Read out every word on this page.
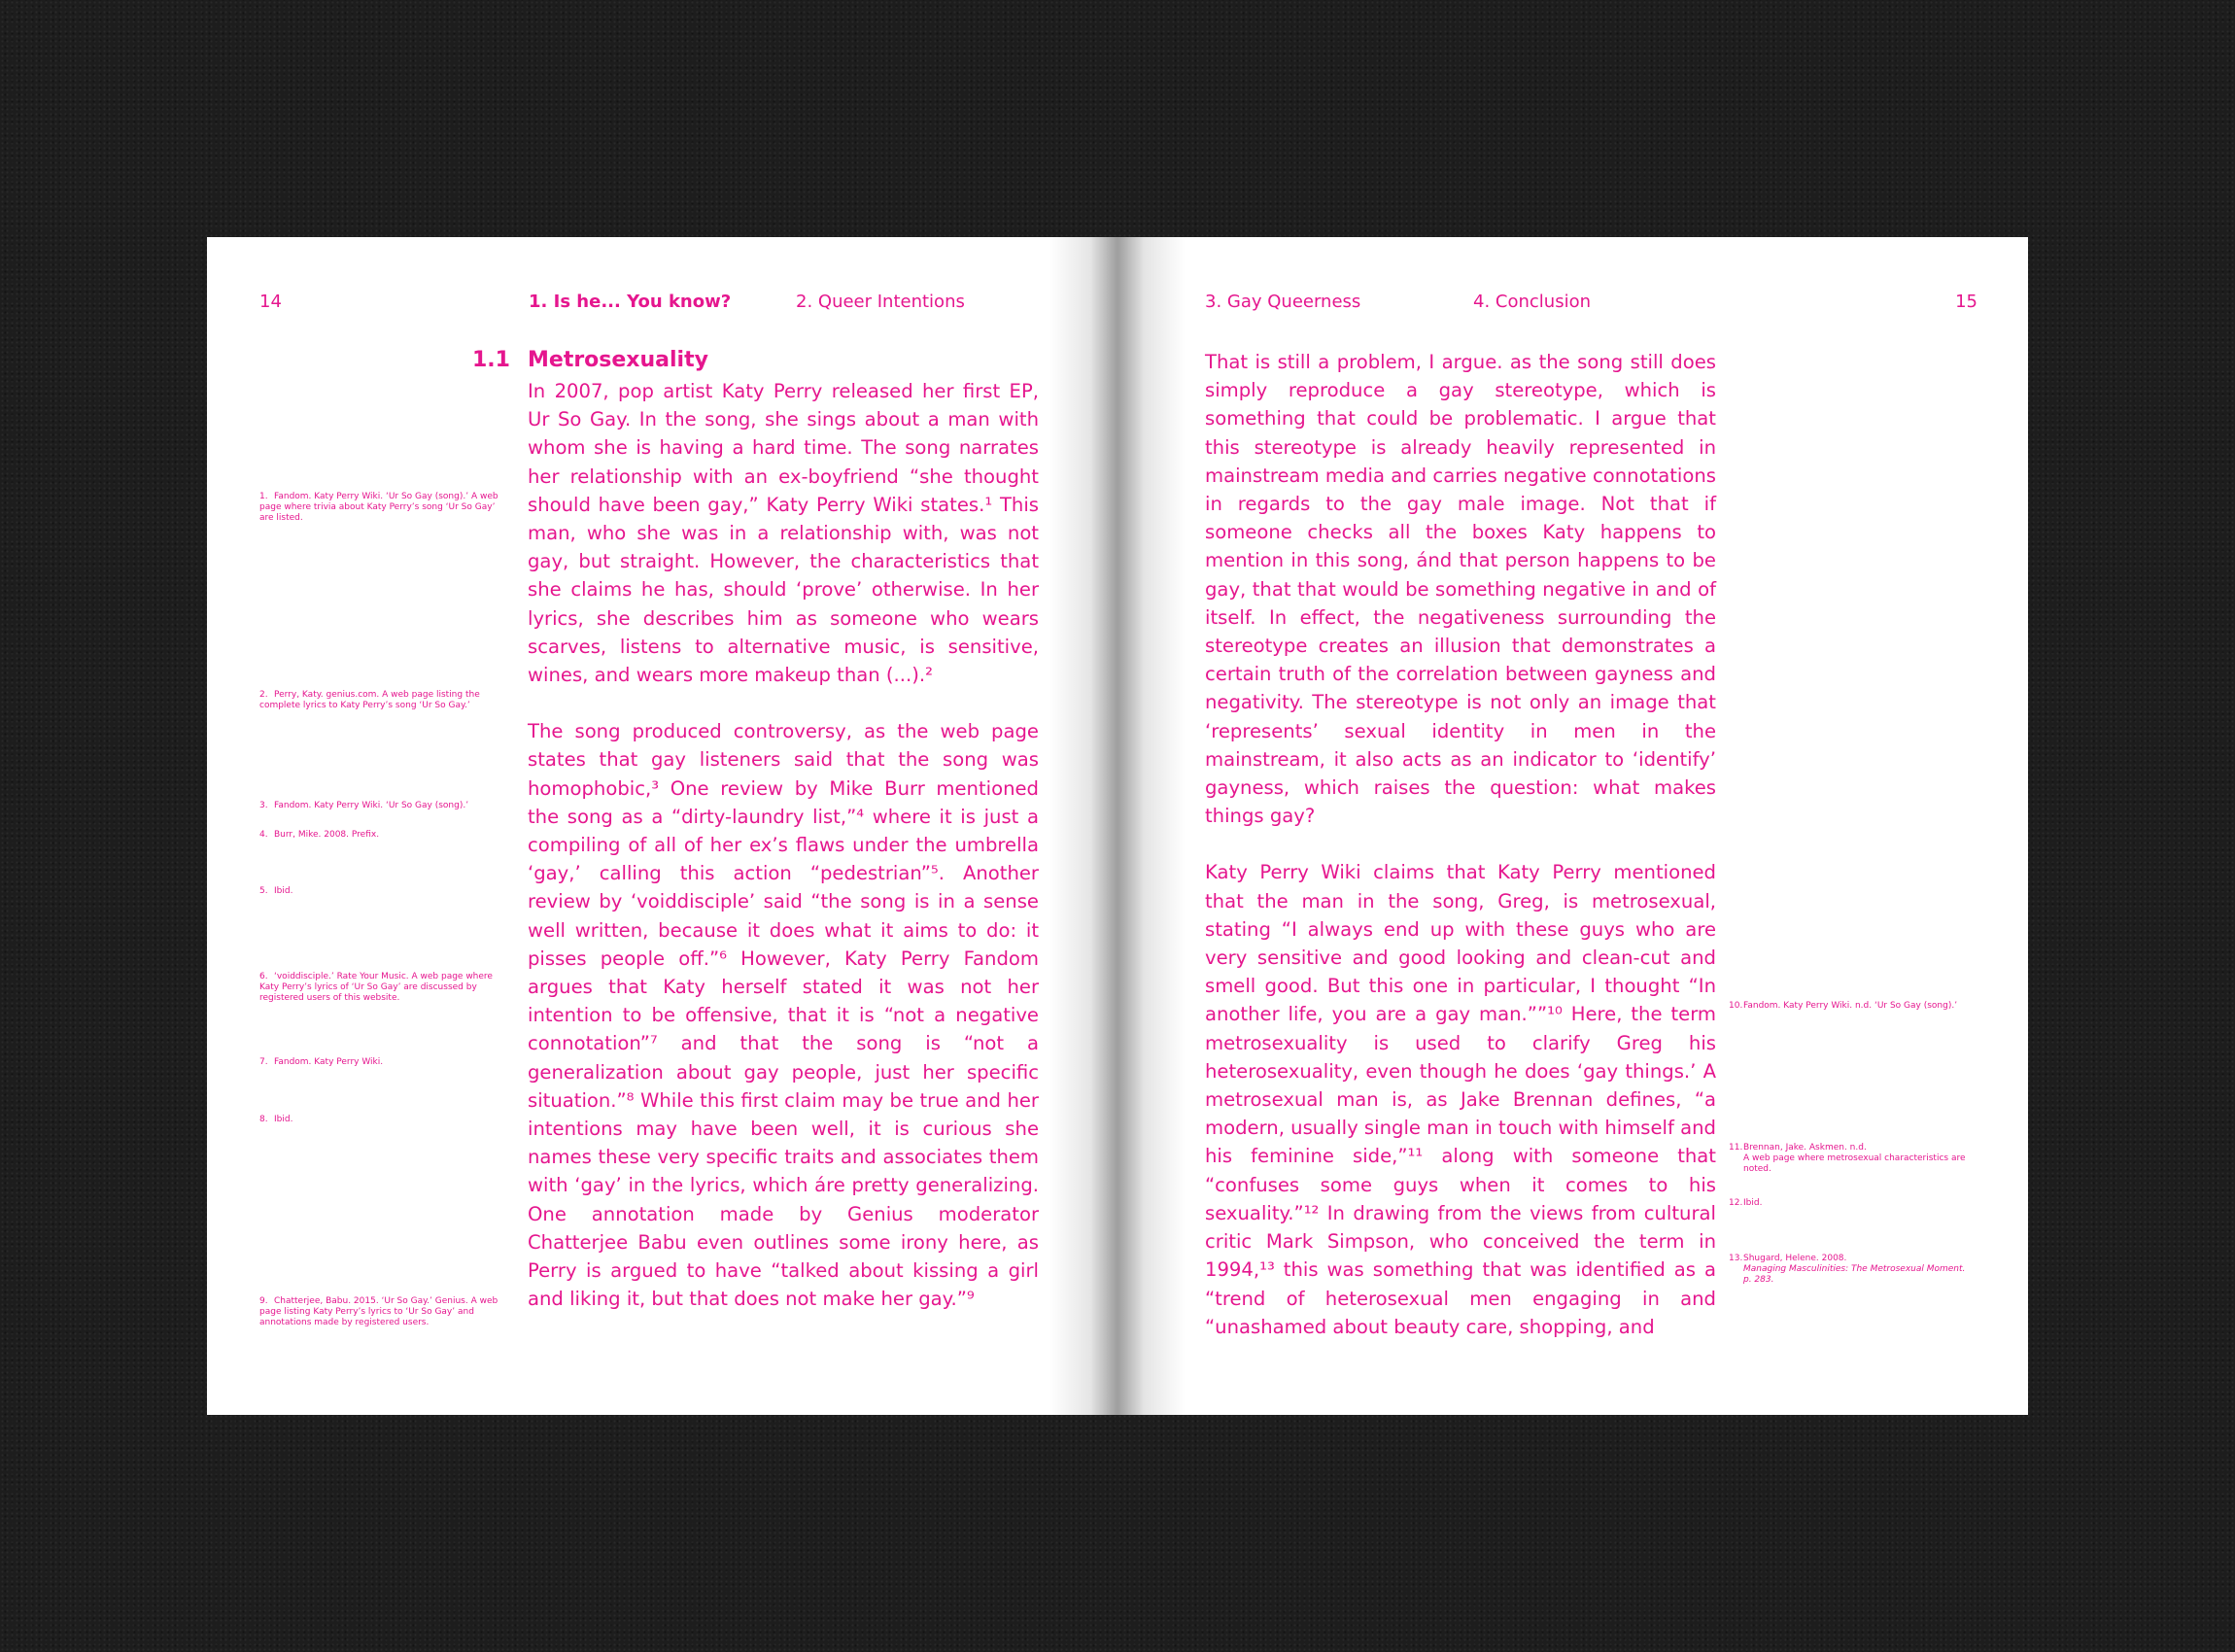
14	1. Is he... You know?	2. Queer Intentions
1.1 Metrosexuality

In 2007, pop artist Katy Perry released her first EP, Ur So Gay. In the song, she sings about a man with whom she is having a hard time. The song narrates her relationship with an ex-boyfriend “she thought should have been gay,” Katy Perry Wiki states.¹ This man, who she was in a relationship with, was not gay, but straight. However, the characteristics that she claims he has, should ‘prove’ otherwise. In her lyrics, she describes him as someone who wears scarves, listens to alternative music, is sensitive, wines, and wears more makeup than (...).²

The song produced controversy, as the web page states that gay listeners said that the song was homophobic,³ One review by Mike Burr mentioned the song as a “dirty-laundry list,”⁴ where it is just a compiling of all of her ex’s flaws under the umbrella ‘gay,’ calling this action “pedestrian”⁵. Another review by ‘voiddisciple’ said “the song is in a sense well written, because it does what it aims to do: it pisses people off.”⁶ However, Katy Perry Fandom argues that Katy herself stated it was not her intention to be offensive, that it is “not a negative connotation”⁷ and that the song is “not a generalization about gay people, just her specific situation.”⁸ While this first claim may be true and her intentions may have been well, it is curious she names these very specific traits and associates them with ‘gay’ in the lyrics, which áre pretty generalizing. One annotation made by Genius moderator Chatterjee Babu even outlines some irony here, as Perry is argued to have “talked about kissing a girl and liking it, but that does not make her gay.”⁹

1. Fandom. Katy Perry Wiki. ‘Ur So Gay (song).’ A web page where trivia about Katy Perry’s song ‘Ur So Gay’ are listed.
2. Perry, Katy. genius.com. A web page listing the complete lyrics to Katy Perry’s song ‘Ur So Gay.’
3. Fandom. Katy Perry Wiki. ‘Ur So Gay (song).’
4. Burr, Mike. 2008. Prefix.
5. Ibid.
6. ‘voiddisciple.’ Rate Your Music. A web page where Katy Perry’s lyrics of ‘Ur So Gay’ are discussed by registered users of this website.
7. Fandom. Katy Perry Wiki.
8. Ibid.
9. Chatterjee, Babu. 2015. ‘Ur So Gay.’ Genius. A web page listing Katy Perry’s lyrics to ‘Ur So Gay’ and annotations made by registered users.
3. Gay Queerness	4. Conclusion	15

That is still a problem, I argue. as the song still does simply reproduce a gay stereotype, which is something that could be problematic. I argue that this stereotype is already heavily represented in mainstream media and carries negative connotations in regards to the gay male image. Not that if someone checks all the boxes Katy happens to mention in this song, ánd that person happens to be gay, that that would be something negative in and of itself. In effect, the negativeness surrounding the stereotype creates an illusion that demonstrates a certain truth of the correlation between gayness and negativity. The stereotype is not only an image that ‘represents’ sexual identity in men in the mainstream, it also acts as an indicator to ‘identify’ gayness, which raises the question: what makes things gay?

Katy Perry Wiki claims that Katy Perry mentioned that the man in the song, Greg, is metrosexual, stating “I always end up with these guys who are very sensitive and good looking and clean-cut and smell good. But this one in particular, I thought “In another life, you are a gay man.””¹⁰ Here, the term metrosexuality is used to clarify Greg his heterosexuality, even though he does ‘gay things.’ A metrosexual man is, as Jake Brennan defines, “a modern, usually single man in touch with himself and his feminine side,”¹¹ along with someone that “confuses some guys when it comes to his sexuality.”¹² In drawing from the views from cultural critic Mark Simpson, who conceived the term in 1994,¹³ this was something that was identified as a “trend of heterosexual men engaging in and “unashamed about beauty care, shopping, and

10.Fandom. Katy Perry Wiki. n.d. ‘Ur So Gay (song).’
11.Brennan, Jake. Askmen. n.d.
A web page where metrosexual characteristics are noted.
12.Ibid.
13.Shugard, Helene. 2008.
Managing Masculinities: The Metrosexual Moment. p. 283.
